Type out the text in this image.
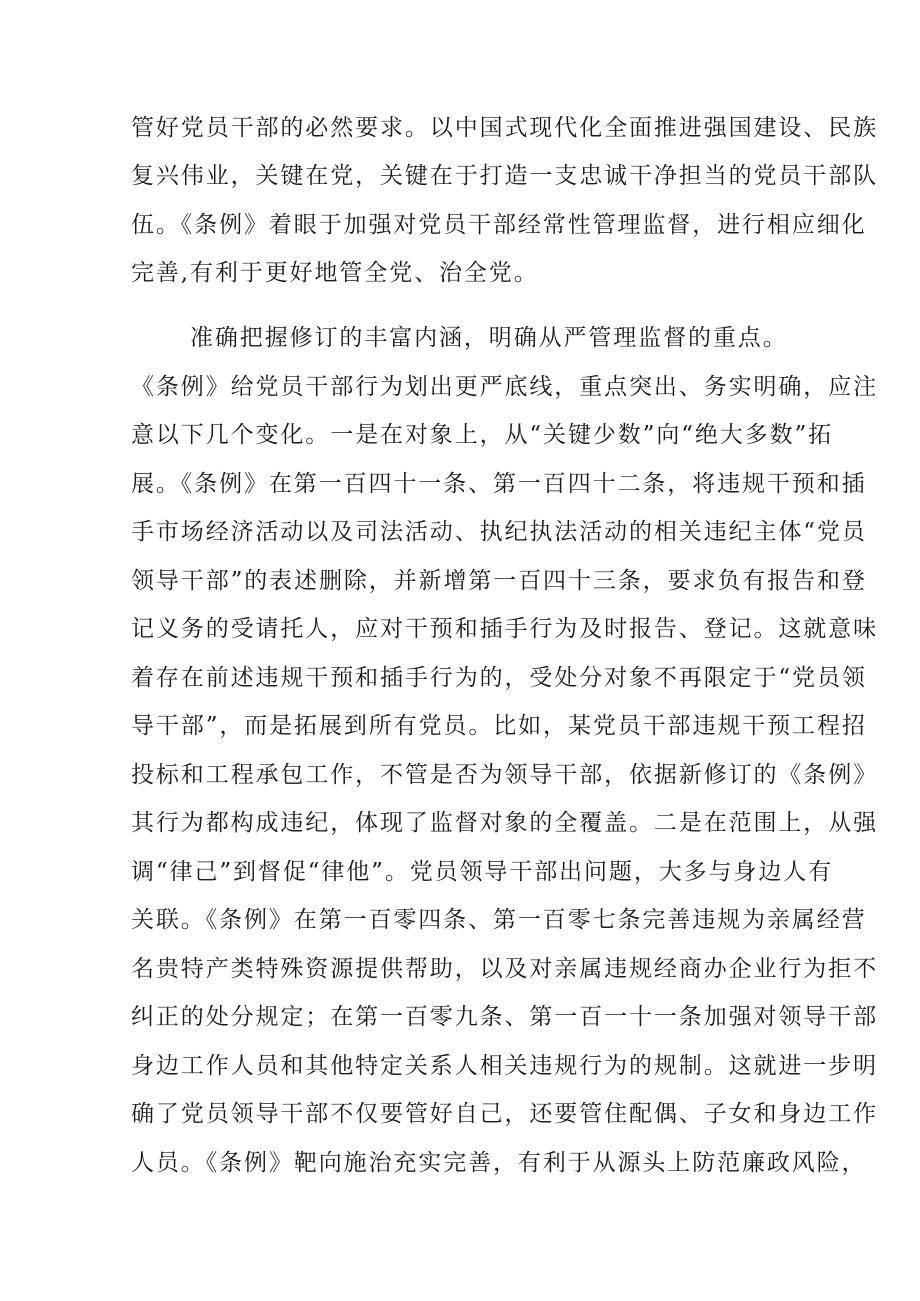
管好党员干部的必然要求。以中国式现代化全面推进强国建设、民族
复兴伟业，关键在党，关键在于打造一支忠诚干净担当的党员干部队
伍。《条例》着眼于加强对党员干部经常性管理监督，进行相应细化
完善,有利于更好地管全党、治全党。
准确把握修订的丰富内涵，明确从严管理监督的重点。
《条例》给党员干部行为划出更严底线，重点突出、务实明确，应注
意以下几个变化。一是在对象上，从“关键少数”向“绝大多数”拓
展。《条例》在第一百四十一条、第一百四十二条，将违规干预和插
手市场经济活动以及司法活动、执纪执法活动的相关违纪主体“党员
领导干部”的表述删除，并新增第一百四十三条，要求负有报告和登
记义务的受请托人，应对干预和插手行为及时报告、登记。这就意味
着存在前述违规干预和插手行为的，受处分对象不再限定于“党员领
导干部”，而是拓展到所有党员。比如，某党员干部违规干预工程招
投标和工程承包工作，不管是否为领导干部，依据新修订的《条例》
其行为都构成违纪，体现了监督对象的全覆盖。二是在范围上，从强
调“律己”到督促“律他”。党员领导干部出问题，大多与身边人有
关联。《条例》在第一百零四条、第一百零七条完善违规为亲属经营
名贵特产类特殊资源提供帮助，以及对亲属违规经商办企业行为拒不
纠正的处分规定；在第一百零九条、第一百一十一条加强对领导干部
身边工作人员和其他特定关系人相关违规行为的规制。这就进一步明
确了党员领导干部不仅要管好自己，还要管住配偶、子女和身边工作
人员。《条例》靶向施治充实完善，有利于从源头上防范廉政风险，
